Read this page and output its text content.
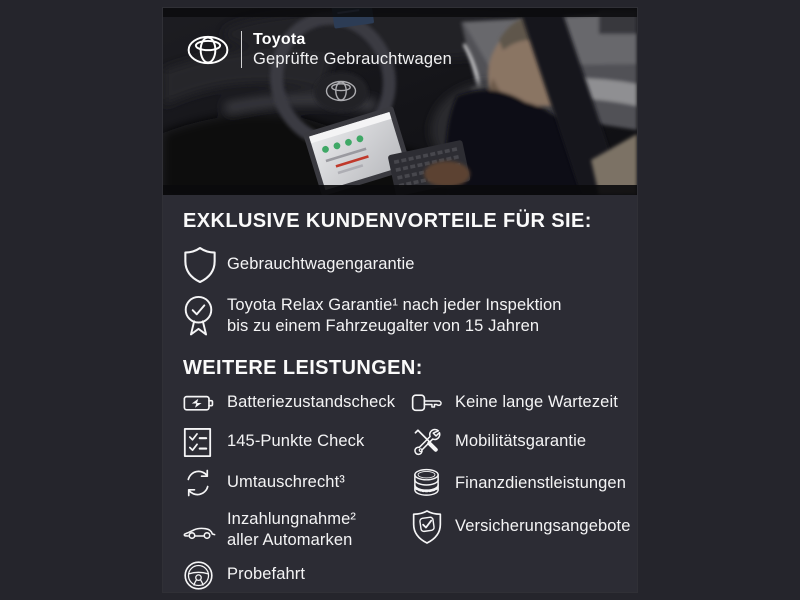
Toyota
Geprüfte Gebrauchtwagen
EXKLUSIVE KUNDENVORTEILE FÜR SIE:
Gebrauchtwagengarantie
Toyota Relax Garantie¹ nach jeder Inspektion
bis zu einem Fahrzeugalter von 15 Jahren
WEITERE LEISTUNGEN:
Batteriezustandscheck
145-Punkte Check
Umtauschrecht³
Inzahlungnahme²
aller Automarken
Probefahrt
Keine lange Wartezeit
Mobilitätsgarantie
Finanzdienstleistungen
Versicherungsangebote
